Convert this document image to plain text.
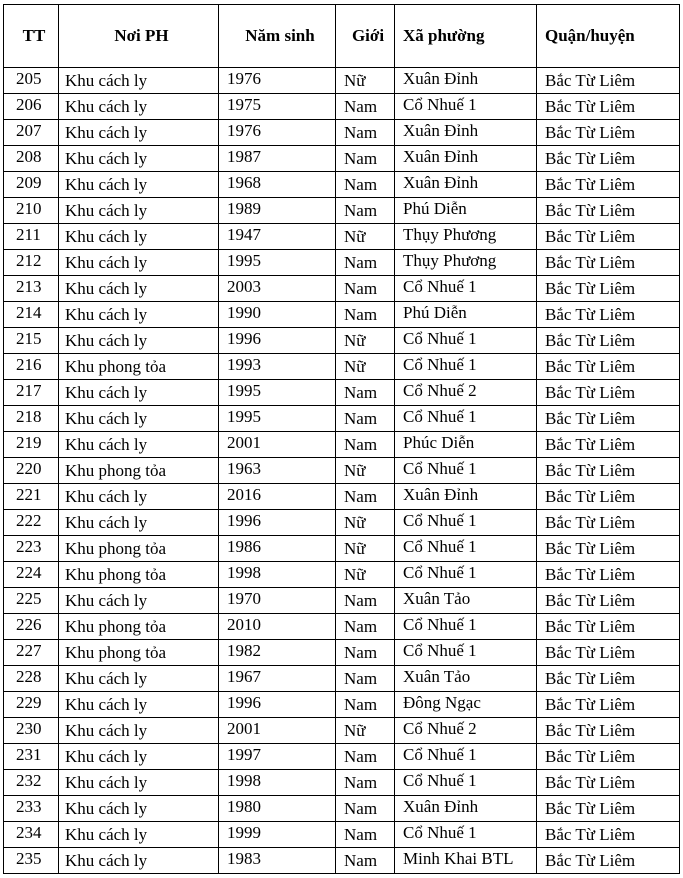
TT	Nơi PH	Năm sinh	Giới	Xã phường	Quận/huyện
205	Khu cách ly	1976	Nữ	Xuân Đỉnh	Bắc Từ Liêm
206	Khu cách ly	1975	Nam	Cổ Nhuế 1	Bắc Từ Liêm
207	Khu cách ly	1976	Nam	Xuân Đỉnh	Bắc Từ Liêm
208	Khu cách ly	1987	Nam	Xuân Đỉnh	Bắc Từ Liêm
209	Khu cách ly	1968	Nam	Xuân Đỉnh	Bắc Từ Liêm
210	Khu cách ly	1989	Nam	Phú Diễn	Bắc Từ Liêm
211	Khu cách ly	1947	Nữ	Thụy Phương	Bắc Từ Liêm
212	Khu cách ly	1995	Nam	Thụy Phương	Bắc Từ Liêm
213	Khu cách ly	2003	Nam	Cổ Nhuế 1	Bắc Từ Liêm
214	Khu cách ly	1990	Nam	Phú Diễn	Bắc Từ Liêm
215	Khu cách ly	1996	Nữ	Cổ Nhuế 1	Bắc Từ Liêm
216	Khu phong tỏa	1993	Nữ	Cổ Nhuế 1	Bắc Từ Liêm
217	Khu cách ly	1995	Nam	Cổ Nhuế 2	Bắc Từ Liêm
218	Khu cách ly	1995	Nam	Cổ Nhuế 1	Bắc Từ Liêm
219	Khu cách ly	2001	Nam	Phúc Diễn	Bắc Từ Liêm
220	Khu phong tỏa	1963	Nữ	Cổ Nhuế 1	Bắc Từ Liêm
221	Khu cách ly	2016	Nam	Xuân Đỉnh	Bắc Từ Liêm
222	Khu cách ly	1996	Nữ	Cổ Nhuế 1	Bắc Từ Liêm
223	Khu phong tỏa	1986	Nữ	Cổ Nhuế 1	Bắc Từ Liêm
224	Khu phong tỏa	1998	Nữ	Cổ Nhuế 1	Bắc Từ Liêm
225	Khu cách ly	1970	Nam	Xuân Tảo	Bắc Từ Liêm
226	Khu phong tỏa	2010	Nam	Cổ Nhuế 1	Bắc Từ Liêm
227	Khu phong tỏa	1982	Nam	Cổ Nhuế 1	Bắc Từ Liêm
228	Khu cách ly	1967	Nam	Xuân Tảo	Bắc Từ Liêm
229	Khu cách ly	1996	Nam	Đông Ngạc	Bắc Từ Liêm
230	Khu cách ly	2001	Nữ	Cổ Nhuế 2	Bắc Từ Liêm
231	Khu cách ly	1997	Nam	Cổ Nhuế 1	Bắc Từ Liêm
232	Khu cách ly	1998	Nam	Cổ Nhuế 1	Bắc Từ Liêm
233	Khu cách ly	1980	Nam	Xuân Đỉnh	Bắc Từ Liêm
234	Khu cách ly	1999	Nam	Cổ Nhuế 1	Bắc Từ Liêm
235	Khu cách ly	1983	Nam	Minh Khai BTL	Bắc Từ Liêm
